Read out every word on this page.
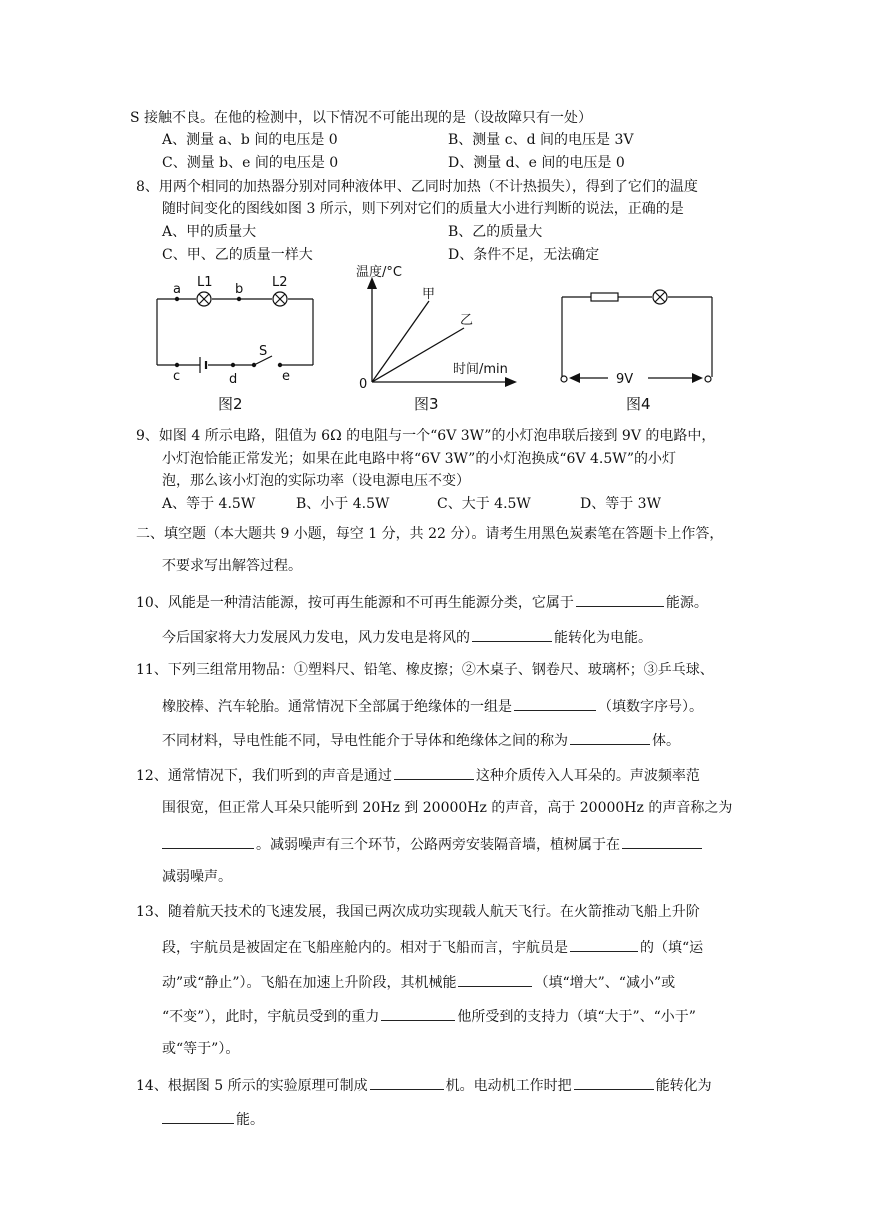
S 接触不良。在他的检测中，以下情况不可能出现的是（设故障只有一处）
A、测量 a、b 间的电压是 0	B、测量 c、d 间的电压是 3V
C、测量 b、e 间的电压是 0	D、测量 d、e 间的电压是 0
8、用两个相同的加热器分别对同种液体甲、乙同时加热（不计热损失），得到了它们的温度
随时间变化的图线如图 3 所示，则下列对它们的质量大小进行判断的说法，正确的是
A、甲的质量大	B、乙的质量大
C、甲、乙的质量一样大	D、条件不足，无法确定
a L1 b L2
c	d
S
e
图2
温度/°C
时间/min
0
甲
乙
图3
9V
图4
9、如图 4 所示电路，阻值为 6Ω 的电阻与一个“6V 3W”的小灯泡串联后接到 9V 的电路中，
小灯泡恰能正常发光；如果在此电路中将“6V 3W”的小灯泡换成“6V 4.5W”的小灯
泡，那么该小灯泡的实际功率（设电源电压不变）
A、等于 4.5W	B、小于 4.5W	C、大于 4.5W	D、等于 3W
二、填空题（本大题共 9 小题，每空 1 分，共 22 分）。请考生用黑色炭素笔在答题卡上作答，
不要求写出解答过程。
10、风能是一种清洁能源，按可再生能源和不可再生能源分类，它属于	能源。
今后国家将大力发展风力发电，风力发电是将风的	能转化为电能。
11、下列三组常用物品：①塑料尺、铅笔、橡皮擦；②木桌子、钢卷尺、玻璃杯；③乒乓球、
橡胶棒、汽车轮胎。通常情况下全部属于绝缘体的一组是	（填数字序号）。
不同材料，导电性能不同，导电性能介于导体和绝缘体之间的称为	体。
12、通常情况下，我们听到的声音是通过	这种介质传入人耳朵的。声波频率范
围很宽，但正常人耳朵只能听到 20Hz 到 20000Hz 的声音，高于 20000Hz 的声音称之为
。减弱噪声有三个环节，公路两旁安装隔音墙，植树属于在
减弱噪声。
13、随着航天技术的飞速发展，我国已两次成功实现载人航天飞行。在火箭推动飞船上升阶
段，宇航员是被固定在飞船座舱内的。相对于飞船而言，宇航员是	的（填“运
动”或“静止”）。飞船在加速上升阶段，其机械能	（填“增大”、“减小”或
“不变”），此时，宇航员受到的重力	他所受到的支持力（填“大于”、“小于”
或“等于”）。
14、根据图 5 所示的实验原理可制成	机。电动机工作时把	能转化为
能。
